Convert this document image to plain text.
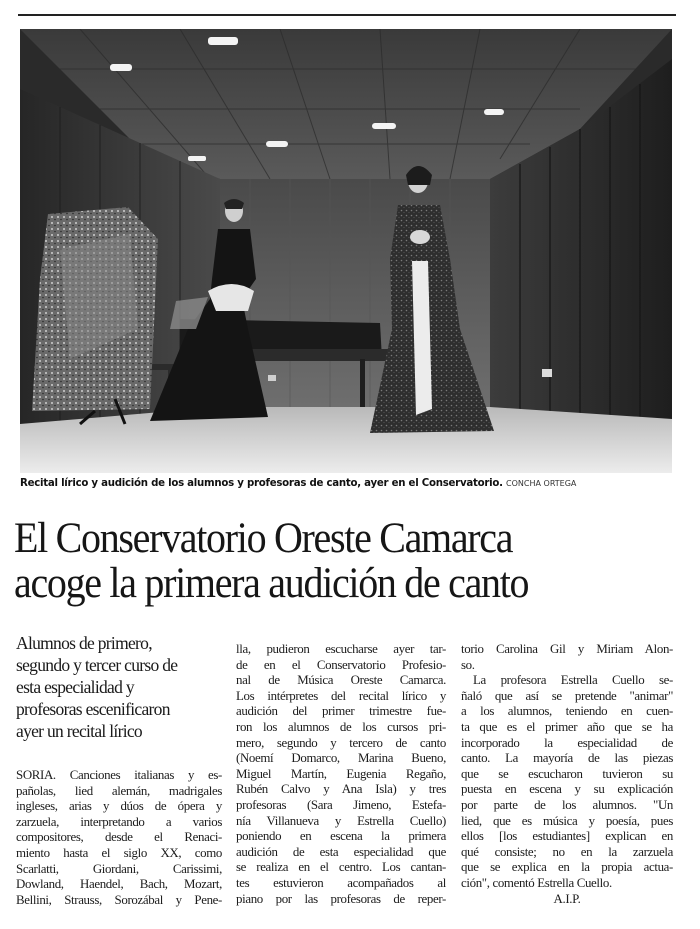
Recital lírico y audición de los alumnos y profesoras de canto, ayer en el Conservatorio. CONCHA ORTEGA
El Conservatorio Oreste Camarca
acoge la primera audición de canto
Alumnos de primero,
segundo y tercer curso de
esta especialidad y
profesoras escenificaron
ayer un recital lírico
SORIA. Canciones italianas y es-
pañolas, lied alemán, madrigales
ingleses, arias y dúos de ópera y
zarzuela, interpretando a varios
compositores, desde el Renaci-
miento hasta el siglo XX, como
Scarlatti, Giordani, Carissimi,
Dowland, Haendel, Bach, Mozart,
Bellini, Strauss, Sorozábal y Pene-
lla, pudieron escucharse ayer tar-
de en el Conservatorio Profesio-
nal de Música Oreste Camarca.
Los intérpretes del recital lírico y
audición del primer trimestre fue-
ron los alumnos de los cursos pri-
mero, segundo y tercero de canto
(Noemí Domarco, Marina Bueno,
Miguel Martín, Eugenia Regaño,
Rubén Calvo y Ana Isla) y tres
profesoras (Sara Jimeno, Estefa-
nía Villanueva y Estrella Cuello)
poniendo en escena la primera
audición de esta especialidad que
se realiza en el centro. Los cantan-
tes estuvieron acompañados al
piano por las profesoras de reper-
torio Carolina Gil y Miriam Alon-
so.
La profesora Estrella Cuello se-
ñaló que así se pretende "animar"
a los alumnos, teniendo en cuen-
ta que es el primer año que se ha
incorporado la especialidad de
canto. La mayoría de las piezas
que se escucharon tuvieron su
puesta en escena y su explicación
por parte de los alumnos. "Un
lied, que es música y poesía, pues
ellos [los estudiantes] explican en
qué consiste; no en la zarzuela
que se explica en la propia actua-
ción", comentó Estrella Cuello.
A.I.P.
